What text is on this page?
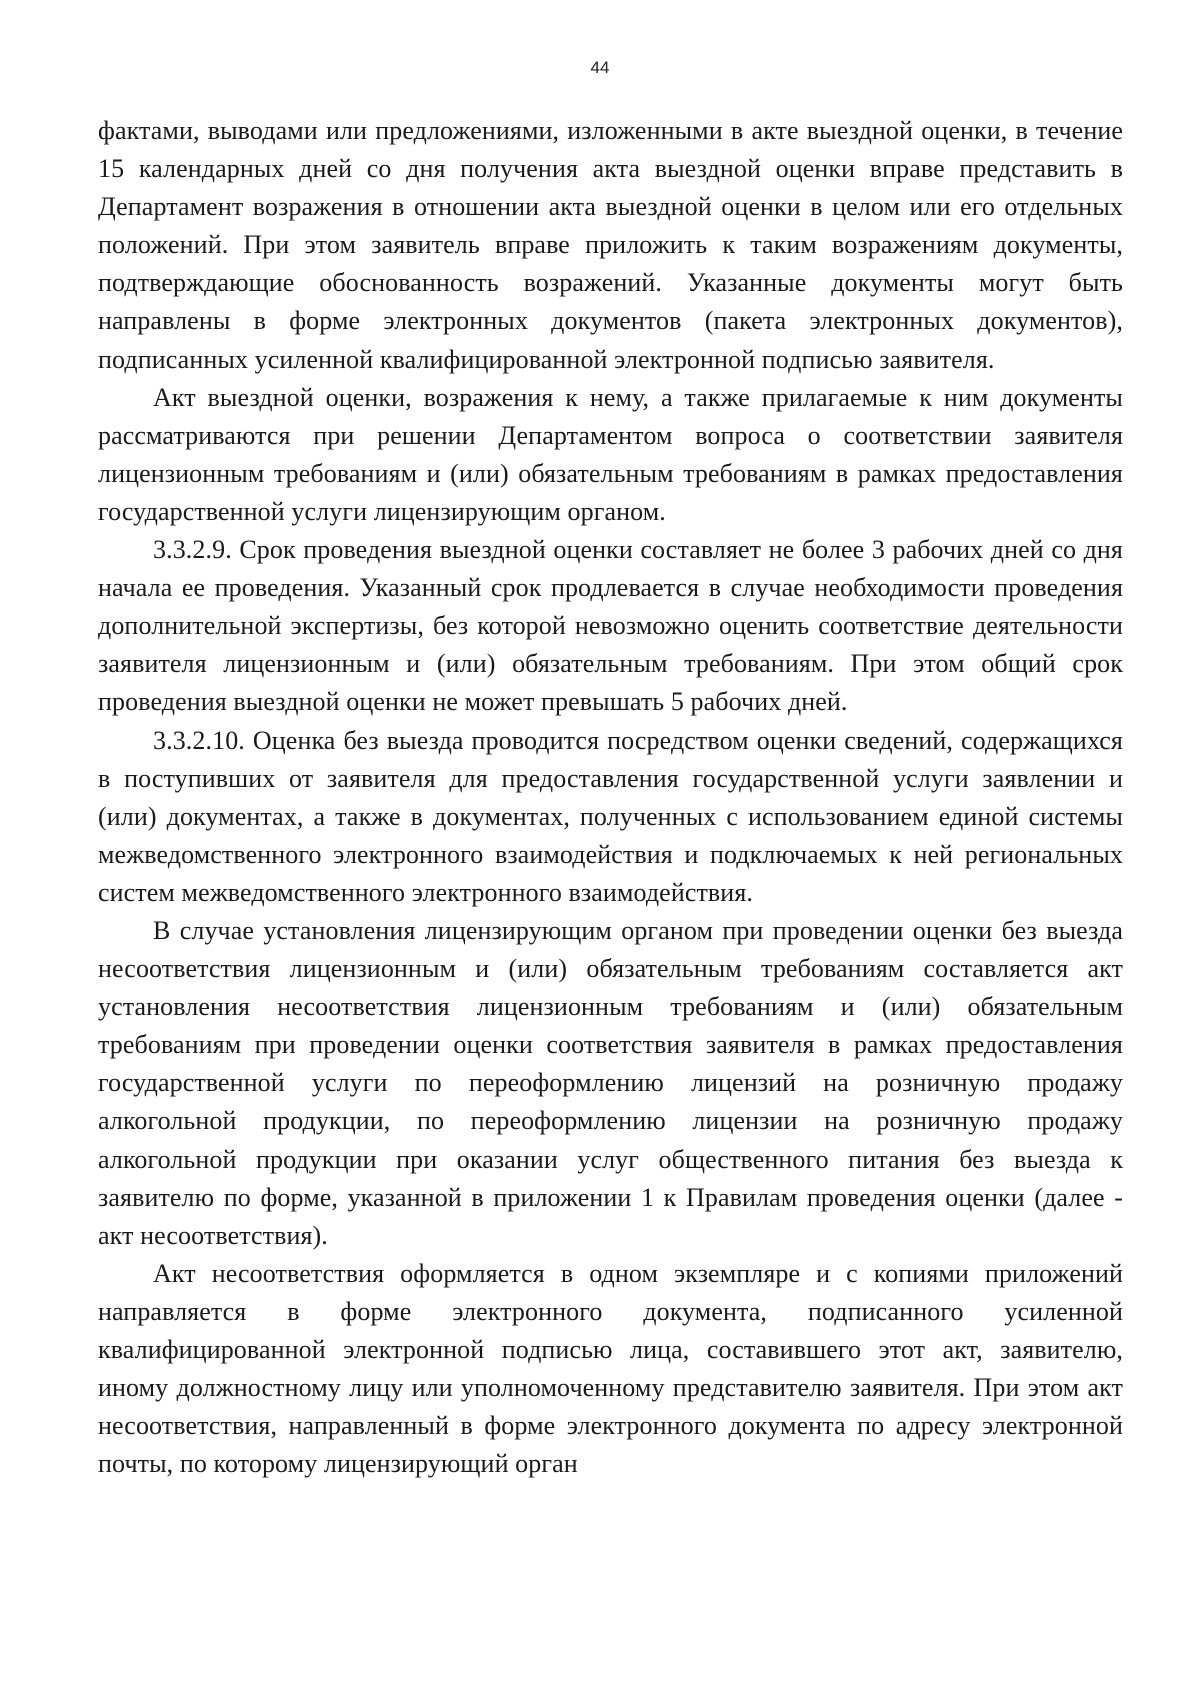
44

фактами, выводами или предложениями, изложенными в акте выездной оценки, в течение 15 календарных дней со дня получения акта выездной оценки вправе представить в Департамент возражения в отношении акта выездной оценки в целом или его отдельных положений. При этом заявитель вправе приложить к таким возражениям документы, подтверждающие обоснованность возражений. Указанные документы могут быть направлены в форме электронных документов (пакета электронных документов), подписанных усиленной квалифицированной электронной подписью заявителя.

Акт выездной оценки, возражения к нему, а также прилагаемые к ним документы рассматриваются при решении Департаментом вопроса о соответствии заявителя лицензионным требованиям и (или) обязательным требованиям в рамках предоставления государственной услуги лицензирующим органом.

3.3.2.9. Срок проведения выездной оценки составляет не более 3 рабочих дней со дня начала ее проведения. Указанный срок продлевается в случае необходимости проведения дополнительной экспертизы, без которой невозможно оценить соответствие деятельности заявителя лицензионным и (или) обязательным требованиям. При этом общий срок проведения выездной оценки не может превышать 5 рабочих дней.

3.3.2.10. Оценка без выезда проводится посредством оценки сведений, содержащихся в поступивших от заявителя для предоставления государственной услуги заявлении и (или) документах, а также в документах, полученных с использованием единой системы межведомственного электронного взаимодействия и подключаемых к ней региональных систем межведомственного электронного взаимодействия.

В случае установления лицензирующим органом при проведении оценки без выезда несоответствия лицензионным и (или) обязательным требованиям составляется акт установления несоответствия лицензионным требованиям и (или) обязательным требованиям при проведении оценки соответствия заявителя в рамках предоставления государственной услуги по переоформлению лицензий на розничную продажу алкогольной продукции, по переоформлению лицензии на розничную продажу алкогольной продукции при оказании услуг общественного питания без выезда к заявителю по форме, указанной в приложении 1 к Правилам проведения оценки (далее - акт несоответствия).

Акт несоответствия оформляется в одном экземпляре и с копиями приложений направляется в форме электронного документа, подписанного усиленной квалифицированной электронной подписью лица, составившего этот акт, заявителю, иному должностному лицу или уполномоченному представителю заявителя. При этом акт несоответствия, направленный в форме электронного документа по адресу электронной почты, по которому лицензирующий орган
